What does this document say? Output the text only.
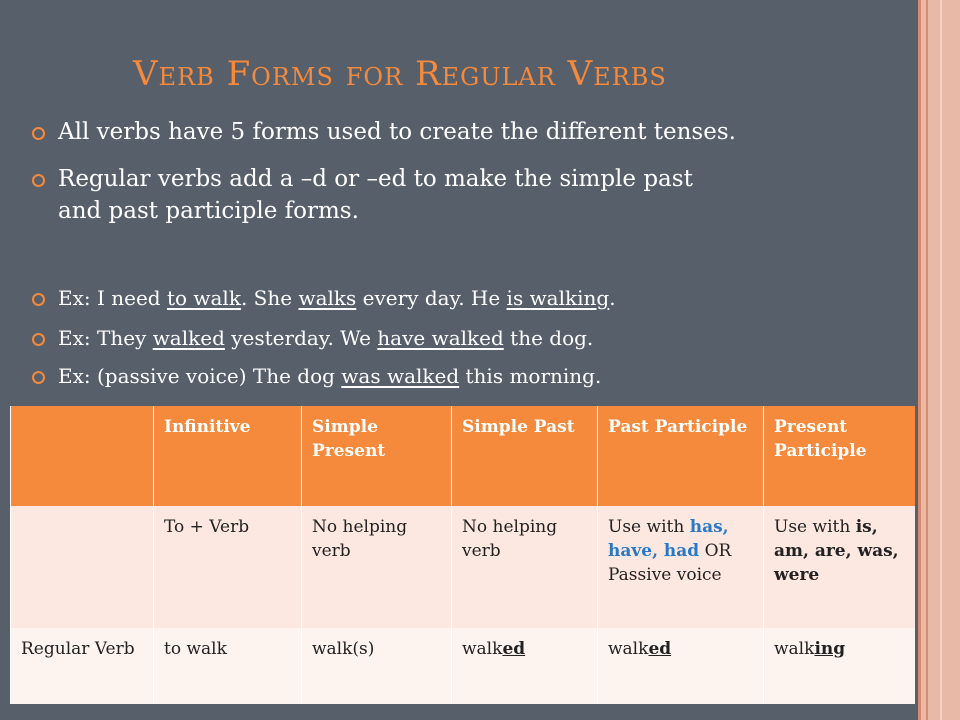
Verb Forms for Regular Verbs
All verbs have 5 forms used to create the different tenses.
Regular verbs add a –d or –ed to make the simple past
and past participle forms.
Ex: I need to walk. She walks every day. He is walking.
Ex: They walked yesterday. We have walked the dog.
Ex: (passive voice) The dog was walked this morning.
	Infinitive	Simple Present	Simple Past	Past Participle	Present Participle
	To + Verb	No helping verb	No helping verb	Use with has, have, had OR Passive voice	Use with is, am, are, was, were
Regular Verb	to walk	walk(s)	walked	walked	walking
